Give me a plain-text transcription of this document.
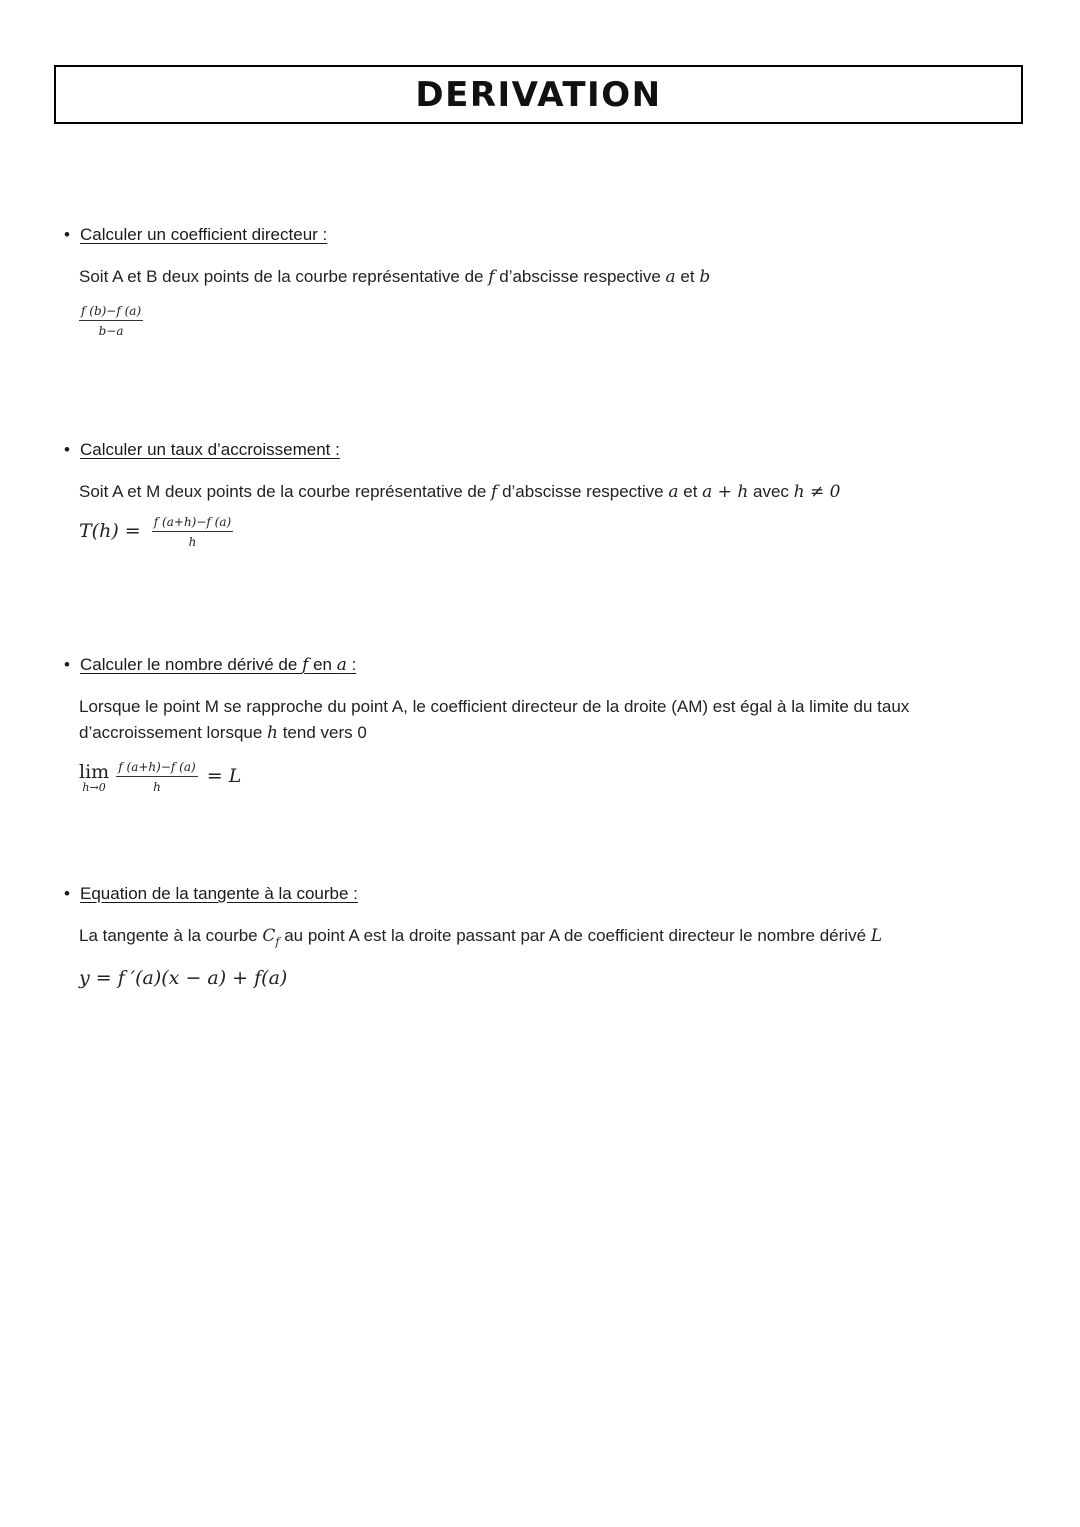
DERIVATION
• Calculer un coefficient directeur :
Soit A et B deux points de la courbe représentative de f d’abscisse respective a et b
$\frac{f (b)-f (a)}{b-a}$
• Calculer un taux d’accroissement :
Soit A et M deux points de la courbe représentative de f d’abscisse respective a et a + h avec h ≠ 0
$T(h) = \frac{f (a+h)-f (a)}{h}$
• Calculer le nombre dérivé de f en a :
Lorsque le point M se rapproche du point A, le coefficient directeur de la droite (AM) est égal à la limite du taux d’accroissement lorsque h tend vers 0
lim
h→0
$\frac{f (a+h)-f (a)}{h} = L$
• Equation de la tangente à la courbe :
La tangente à la courbe $C_f$ au point A est la droite passant par A de coefficient directeur le nombre dérivé L
y = f ′(a)(x − a) + f(a)
